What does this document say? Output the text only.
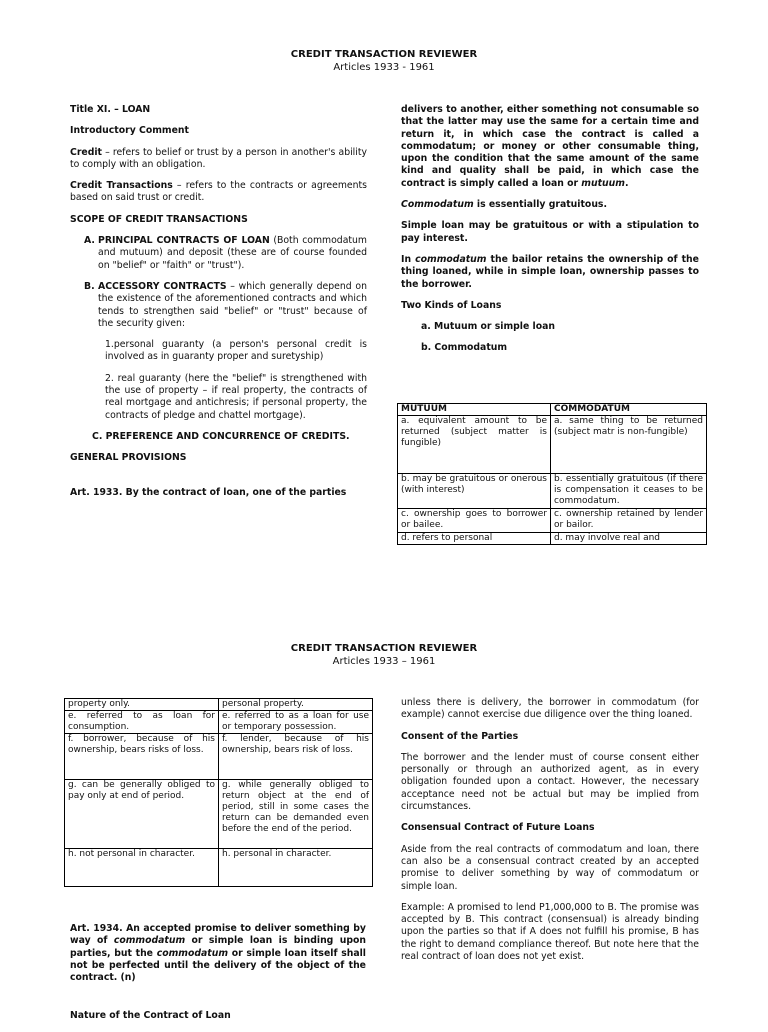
CREDIT TRANSACTION REVIEWER
Articles 1933 - 1961

Title XI. – LOAN

Introductory Comment

Credit – refers to belief or trust by a person in another's ability to comply with an obligation.

Credit Transactions – refers to the contracts or agreements based on said trust or credit.

SCOPE OF CREDIT TRANSACTIONS

A. PRINCIPAL CONTRACTS OF LOAN (Both commodatum and mutuum) and deposit (these are of course founded on "belief" or "faith" or "trust").
B. ACCESSORY CONTRACTS – which generally depend on the existence of the aforementioned contracts and which tends to strengthen said "belief" or "trust" because of the security given:
1.personal guaranty (a person's personal credit is involved as in guaranty proper and suretyship)
2. real guaranty (here the "belief" is strengthened with the use of property – if real property, the contracts of real mortgage and antichresis; if personal property, the contracts of pledge and chattel mortgage).
C. PREFERENCE AND CONCURRENCE OF CREDITS.

GENERAL PROVISIONS

Art. 1933. By the contract of loan, one of the parties

delivers to another, either something not consumable so that the latter may use the same for a certain time and return it, in which case the contract is called a commodatum; or money or other consumable thing, upon the condition that the same amount of the same kind and quality shall be paid, in which case the contract is simply called a loan or mutuum.

Commodatum is essentially gratuitous.

Simple loan may be gratuitous or with a stipulation to pay interest.

In commodatum the bailor retains the ownership of the thing loaned, while in simple loan, ownership passes to the borrower.

Two Kinds of Loans

a. Mutuum or simple loan

b. Commodatum

MUTUUM	COMMODATUM
a. equivalent amount to be returned (subject matter is fungible)	a. same thing to be returned (subject matr is non-fungible)
b. may be gratuitous or onerous (with interest)	b. essentially gratuitous (if there is compensation it ceases to be commodatum.
c. ownership goes to borrower or bailee.	c. ownership retained by lender or bailor.
d. refers to personal	d. may involve real and
CREDIT TRANSACTION REVIEWER
Articles 1933 – 1961
property only.	personal property.
e. referred to as loan for consumption.	e. referred to as a loan for use or temporary possession.
f. borrower, because of his ownership, bears risks of loss.	f. lender, because of his ownership, bears risk of loss.
g. can be generally obliged to pay only at end of period.	g. while generally obliged to return object at the end of period, still in some cases the return can be demanded even before the end of the period.
h. not personal in character.	h. personal in character.

Art. 1934. An accepted promise to deliver something by way of commodatum or simple loan is binding upon parties, but the commodatum or simple loan itself shall not be perfected until the delivery of the object of the contract. (n)

Nature of the Contract of Loan

unless there is delivery, the borrower in commodatum (for example) cannot exercise due diligence over the thing loaned.

Consent of the Parties

The borrower and the lender must of course consent either personally or through an authorized agent, as in every obligation founded upon a contact. However, the necessary acceptance need not be actual but may be implied from circumstances.

Consensual Contract of Future Loans

Aside from the real contracts of commodatum and loan, there can also be a consensual contract created by an accepted promise to deliver something by way of commodatum or simple loan.

Example: A promised to lend P1,000,000 to B. The promise was accepted by B. This contract (consensual) is already binding upon the parties so that if A does not fulfill his promise, B has the right to demand compliance thereof. But note here that the real contract of loan does not yet exist.
